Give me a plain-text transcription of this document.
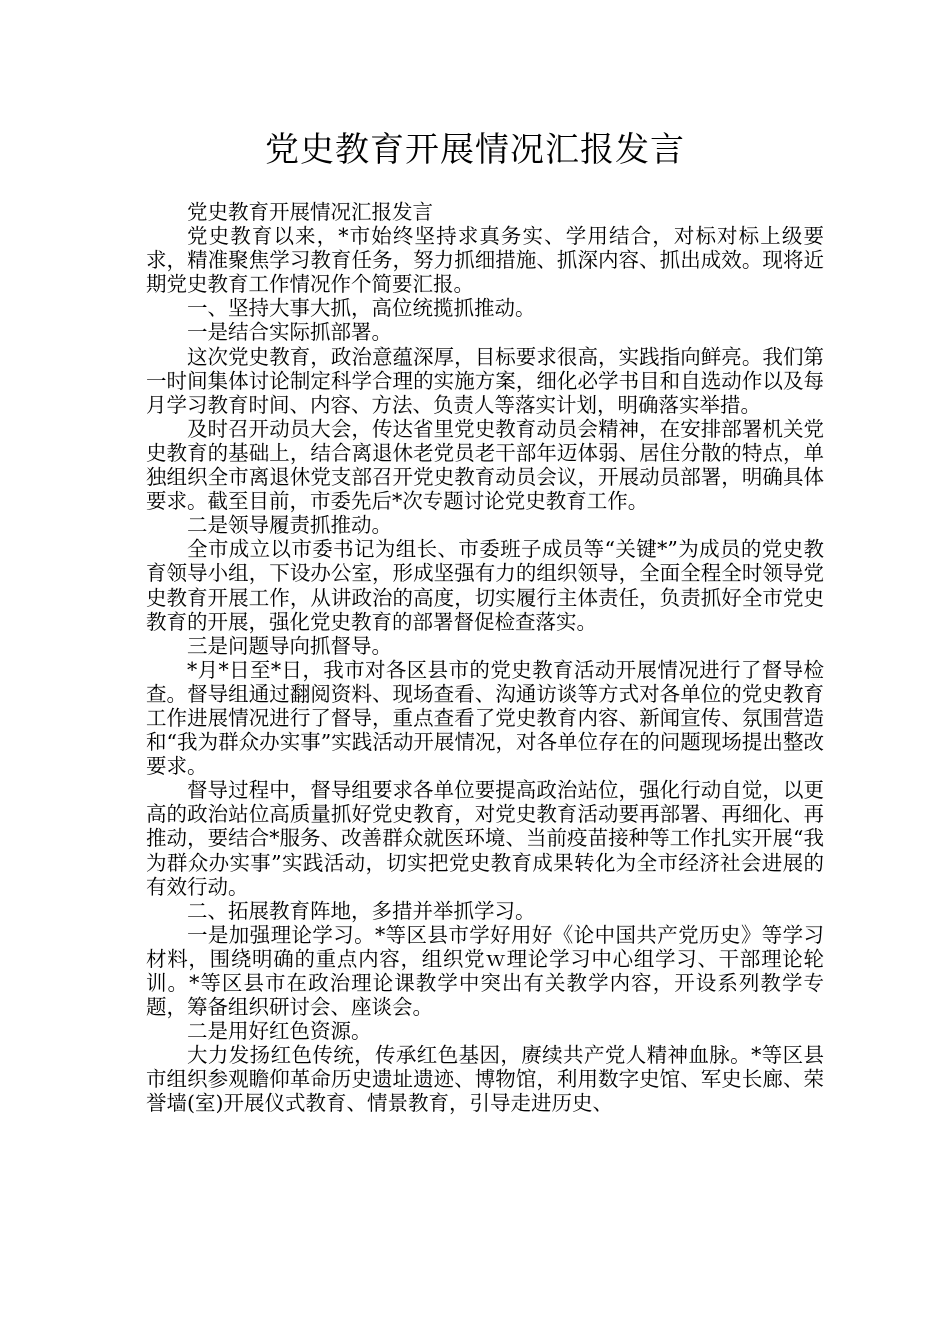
党史教育开展情况汇报发言

党史教育开展情况汇报发言

党史教育以来，*市始终坚持求真务实、学用结合，对标对标上级要求，精准聚焦学习教育任务，努力抓细措施、抓深内容、抓出成效。现将近期党史教育工作情况作个简要汇报。

一、坚持大事大抓，高位统揽抓推动。

一是结合实际抓部署。

这次党史教育，政治意蕴深厚，目标要求很高，实践指向鲜亮。我们第一时间集体讨论制定科学合理的实施方案，细化必学书目和自选动作以及每月学习教育时间、内容、方法、负责人等落实计划，明确落实举措。

及时召开动员大会，传达省里党史教育动员会精神，在安排部署机关党史教育的基础上，结合离退休老党员老干部年迈体弱、居住分散的特点，单独组织全市离退休党支部召开党史教育动员会议，开展动员部署，明确具体要求。截至目前，市委先后*次专题讨论党史教育工作。

二是领导履责抓推动。

全市成立以市委书记为组长、市委班子成员等“关键*”为成员的党史教育领导小组，下设办公室，形成坚强有力的组织领导，全面全程全时领导党史教育开展工作，从讲政治的高度，切实履行主体责任，负责抓好全市党史教育的开展，强化党史教育的部署督促检查落实。

三是问题导向抓督导。

*月*日至*日，我市对各区县市的党史教育活动开展情况进行了督导检查。督导组通过翻阅资料、现场查看、沟通访谈等方式对各单位的党史教育工作进展情况进行了督导，重点查看了党史教育内容、新闻宣传、氛围营造和“我为群众办实事”实践活动开展情况，对各单位存在的问题现场提出整改要求。

督导过程中，督导组要求各单位要提高政治站位，强化行动自觉，以更高的政治站位高质量抓好党史教育，对党史教育活动要再部署、再细化、再推动，要结合*服务、改善群众就医环境、当前疫苗接种等工作扎实开展“我为群众办实事”实践活动，切实把党史教育成果转化为全市经济社会进展的有效行动。

二、拓展教育阵地，多措并举抓学习。

一是加强理论学习。*等区县市学好用好《论中国共产党历史》等学习材料，围绕明确的重点内容，组织党ｗ理论学习中心组学习、干部理论轮训。*等区县市在政治理论课教学中突出有关教学内容，开设系列教学专题，筹备组织研讨会、座谈会。

二是用好红色资源。

大力发扬红色传统，传承红色基因，赓续共产党人精神血脉。*等区县市组织参观瞻仰革命历史遗址遗迹、博物馆，利用数字史馆、军史长廊、荣誉墙(室)开展仪式教育、情景教育，引导走进历史、
